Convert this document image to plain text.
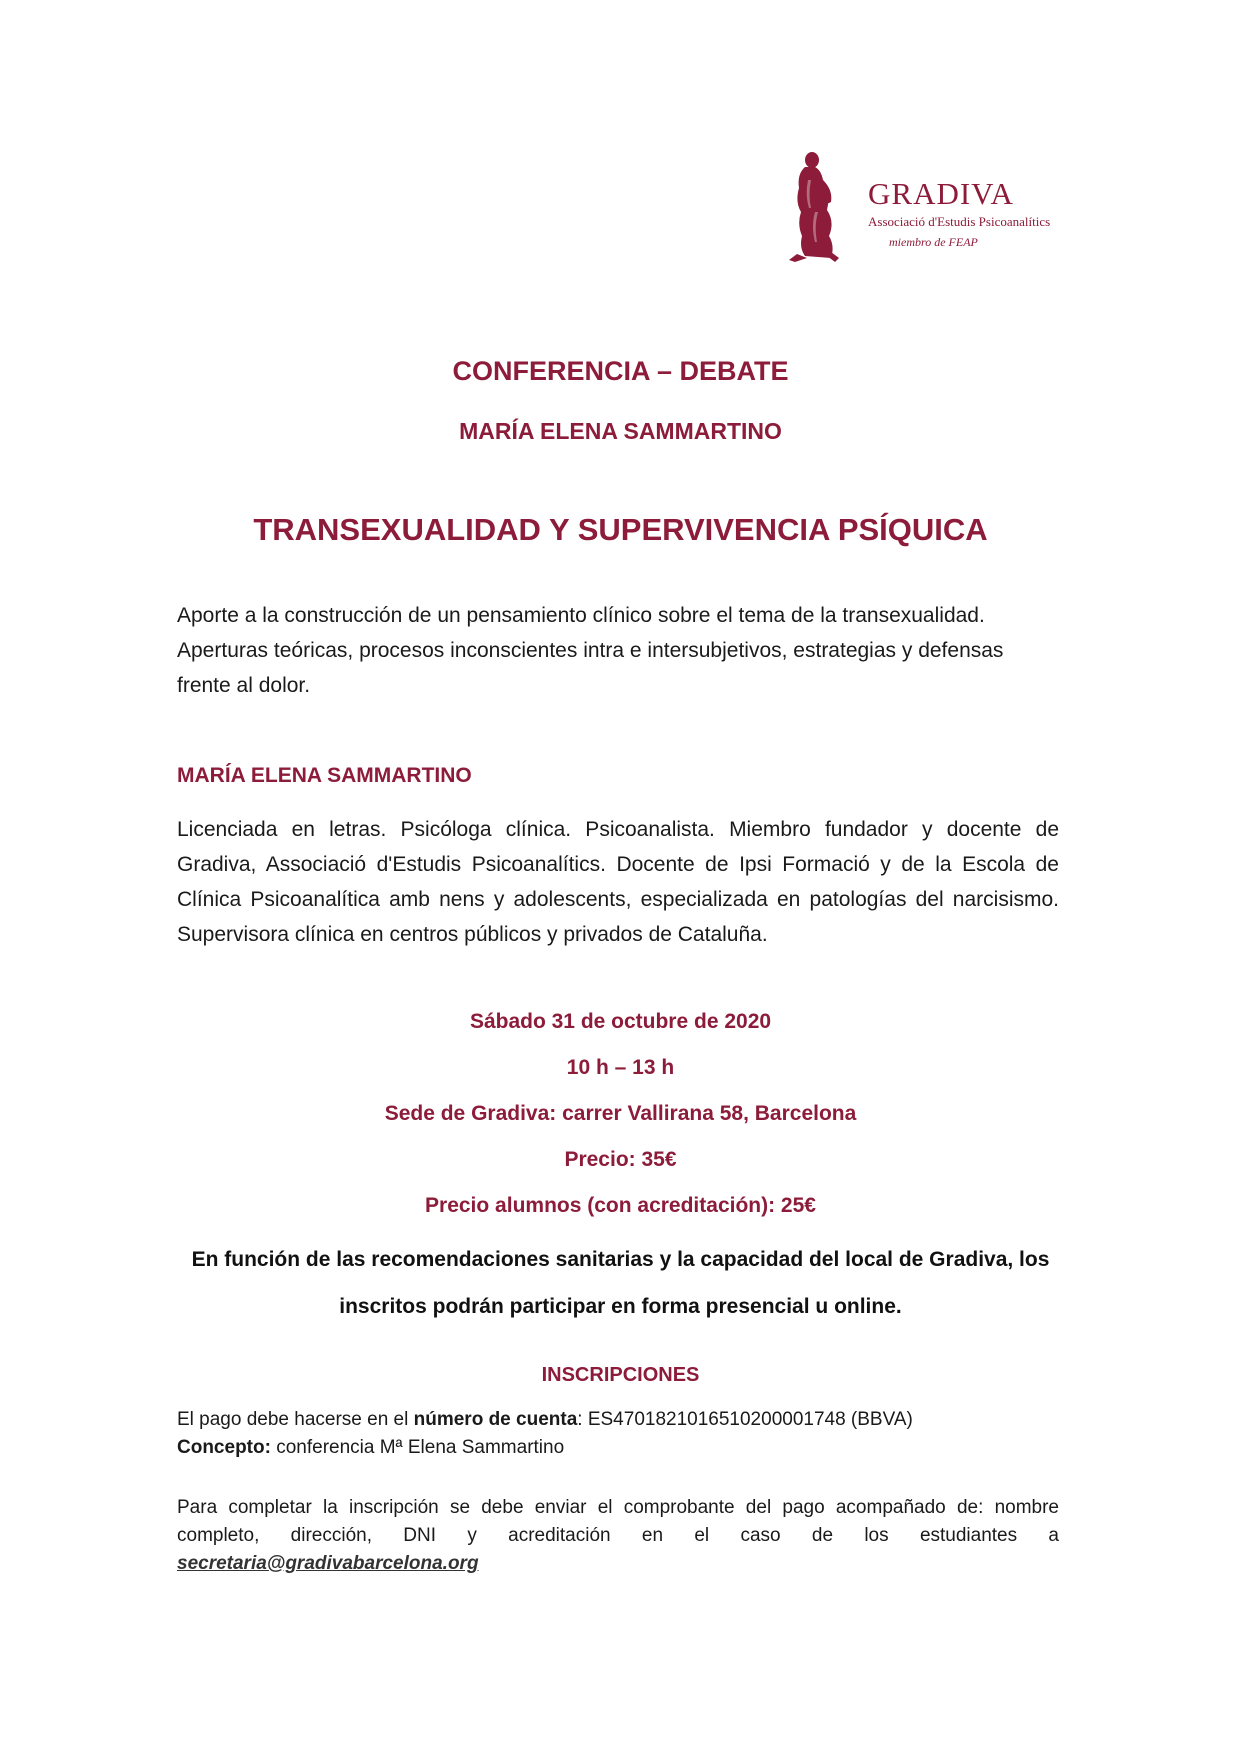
GRADIVA
Associació d'Estudis Psicoanalítics
miembro de FEAP
CONFERENCIA – DEBATE
MARÍA ELENA SAMMARTINO
TRANSEXUALIDAD Y SUPERVIVENCIA PSÍQUICA
Aporte a la construcción de un pensamiento clínico sobre el tema de la transexualidad. Aperturas teóricas, procesos inconscientes intra e intersubjetivos, estrategias y defensas frente al dolor.
MARÍA ELENA SAMMARTINO
Licenciada en letras. Psicóloga clínica. Psicoanalista. Miembro fundador y docente de Gradiva, Associació d'Estudis Psicoanalítics. Docente de Ipsi Formació y de la Escola de Clínica Psicoanalítica amb nens y adolescents, especializada en patologías del narcisismo. Supervisora clínica en centros públicos y privados de Cataluña.
Sábado 31 de octubre de 2020
10 h – 13 h
Sede de Gradiva: carrer Vallirana 58, Barcelona
Precio: 35€
Precio alumnos (con acreditación): 25€
En función de las recomendaciones sanitarias y la capacidad del local de Gradiva, los
inscritos podrán participar en forma presencial u online.
INSCRIPCIONES
El pago debe hacerse en el número de cuenta: ES4701821016510200001748 (BBVA)
Concepto: conferencia Mª Elena Sammartino
Para completar la inscripción se debe enviar el comprobante del pago acompañado de: nombre completo, dirección, DNI y acreditación en el caso de los estudiantes a secretaria@gradivabarcelona.org
